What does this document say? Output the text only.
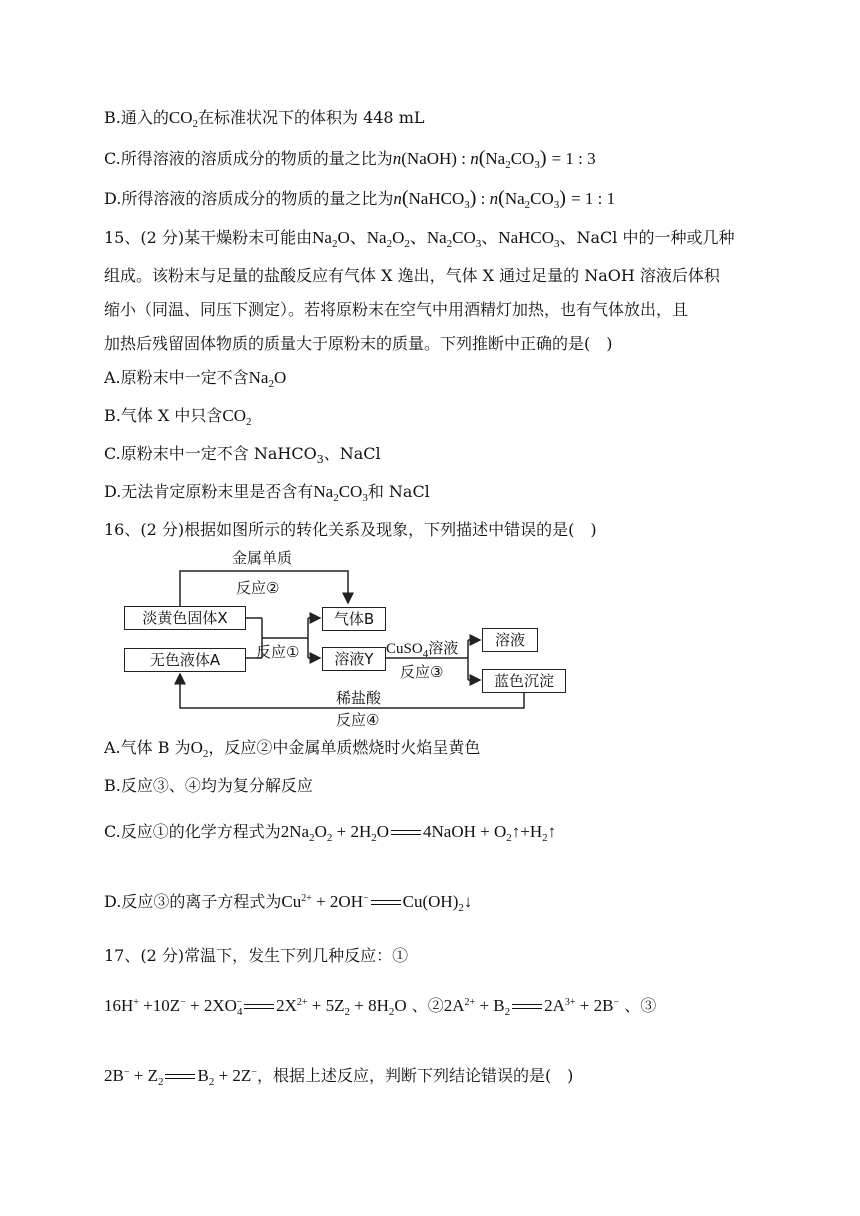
B.通入的$CO_2$在标准状况下的体积为 448 mL
C.所得溶液的溶质成分的物质的量之比为n(NaOH) : $n(Na_2CO_3) = 1$ : 3
D.所得溶液的溶质成分的物质的量之比为n(NaHCO$_3$) : $n(Na_2CO_3) = 1$ : 1
15、(2 分)某干燥粉末可能由$Na_2O$、$Na_2O_2$、$Na_2CO_3$、NaHCO$_3$、NaCl 中的一种或几种
组成。该粉末与足量的盐酸反应有气体 X 逸出，气体 X 通过足量的 NaOH 溶液后体积
缩小（同温、同压下测定）。若将原粉末在空气中用酒精灯加热，也有气体放出，且
加热后残留固体物质的质量大于原粉末的质量。下列推断中正确的是(　)
A.原粉末中一定不含$Na_2O$
B.气体 X 中只含$CO_2$
C.原粉末中一定不含 NaHCO$_3$、NaCl
D.无法肯定原粉末里是否含有$Na_2CO_3$和 NaCl
16、(2 分)根据如图所示的转化关系及现象，下列描述中错误的是(　)
金属单质
反应②
淡黄色固体X
无色液体A	反应①
气体B
溶液Y
CuSO$_4$溶液
反应③
溶液
蓝色沉淀
稀盐酸
反应④
A.气体 B 为$O_2$，反应②中金属单质燃烧时火焰呈黄色
B.反应③、④均为复分解反应
C.反应①的化学方程式为$2Na_2O_2 + 2H_2O$ 4NaOH + $O_2↑+H_2↑$
D.反应③的离子方程式为$Cu^{2+} + 2OH^-$ $Cu(OH)_2↓$
17、(2 分)常温下，发生下列几种反应：①
$16H^+ +10Z^- + 2XO_4^-$ $2X^{2+} + 5Z_2 + 8H_2O$ 、$②2A^{2+} + B_2$ $2A^{3+} + 2B^-$ 、③
$2B^- + Z_2$ $B_2 + 2Z^-$，根据上述反应，判断下列结论错误的是(　)
